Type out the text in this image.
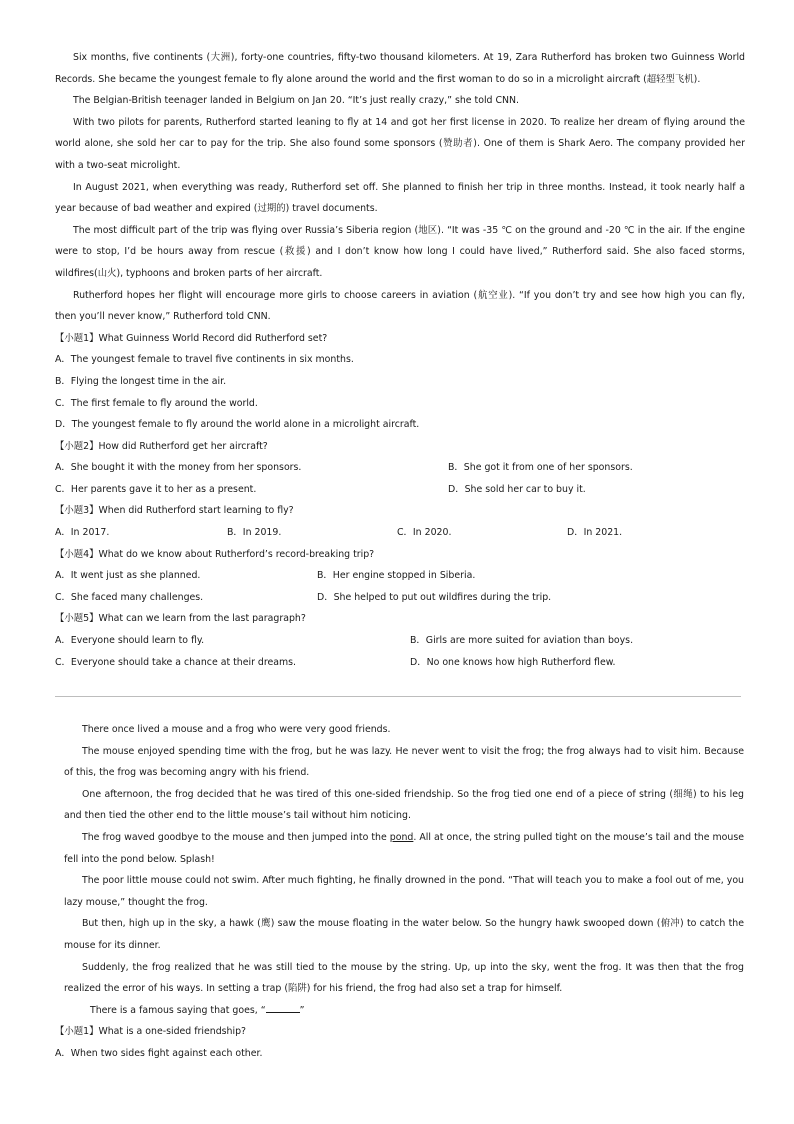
Six months, five continents (大洲), forty-one countries, fifty-two thousand kilometers. At 19, Zara Rutherford has broken two Guinness World Records. She became the youngest female to fly alone around the world and the first woman to do so in a microlight aircraft (超轻型飞机).

The Belgian-British teenager landed in Belgium on Jan 20. “It’s just really crazy,” she told CNN.

With two pilots for parents, Rutherford started leaning to fly at 14 and got her first license in 2020. To realize her dream of flying around the world alone, she sold her car to pay for the trip. She also found some sponsors (赞助者). One of them is Shark Aero. The company provided her with a two-seat microlight.

In August 2021, when everything was ready, Rutherford set off. She planned to finish her trip in three months. Instead, it took nearly half a year because of bad weather and expired (过期的) travel documents.

The most difficult part of the trip was flying over Russia’s Siberia region (地区). “It was -35 ℃ on the ground and -20 ℃ in the air. If the engine were to stop, I’d be hours away from rescue (救援) and I don’t know how long I could have lived,” Rutherford said. She also faced storms, wildfires(山火), typhoons and broken parts of her aircraft.

Rutherford hopes her flight will encourage more girls to choose careers in aviation (航空业). “If you don’t try and see how high you can fly, then you’ll never know,” Rutherford told CNN.

【小题1】What Guinness World Record did Rutherford set?

A．The youngest female to travel five continents in six months.

B．Flying the longest time in the air.

C．The first female to fly around the world.

D．The youngest female to fly around the world alone in a microlight aircraft.

【小题2】How did Rutherford get her aircraft?

A．She bought it with the money from her sponsors.	B．She got it from one of her sponsors.
C．Her parents gave it to her as a present.	D．She sold her car to buy it.

【小题3】When did Rutherford start learning to fly?

A．In 2017.	B．In 2019.	C．In 2020.	D．In 2021.

【小题4】What do we know about Rutherford’s record-breaking trip?

A．It went just as she planned.	B．Her engine stopped in Siberia.
C．She faced many challenges.	D．She helped to put out wildfires during the trip.

【小题5】What can we learn from the last paragraph?

A．Everyone should learn to fly.	B．Girls are more suited for aviation than boys.
C．Everyone should take a chance at their dreams.	D．No one knows how high Rutherford flew.

There once lived a mouse and a frog who were very good friends.

The mouse enjoyed spending time with the frog, but he was lazy. He never went to visit the frog; the frog always had to visit him. Because of this, the frog was becoming angry with his friend.

One afternoon, the frog decided that he was tired of this one-sided friendship. So the frog tied one end of a piece of string (细绳) to his leg and then tied the other end to the little mouse’s tail without him noticing.

The frog waved goodbye to the mouse and then jumped into the pond. All at once, the string pulled tight on the mouse’s tail and the mouse fell into the pond below. Splash!

The poor little mouse could not swim. After much fighting, he finally drowned in the pond. “That will teach you to make a fool out of me, you lazy mouse,” thought the frog.

But then, high up in the sky, a hawk (鹰) saw the mouse floating in the water below. So the hungry hawk swooped down (俯冲) to catch the mouse for its dinner.

Suddenly, the frog realized that he was still tied to the mouse by the string. Up, up into the sky, went the frog. It was then that the frog realized the error of his ways. In setting a trap (陷阱) for his friend, the frog had also set a trap for himself.

There is a famous saying that goes, “	”

【小题1】What is a one-sided friendship?

A．When two sides fight against each other.
